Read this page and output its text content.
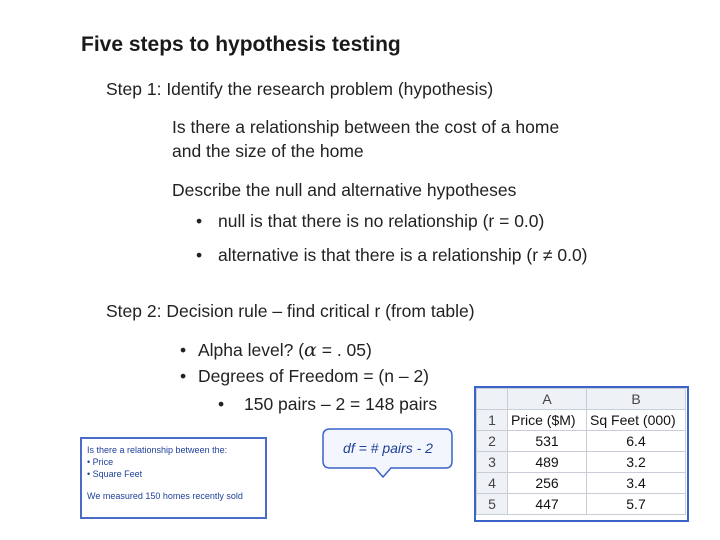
Five steps to hypothesis testing
Step 1: Identify the research problem (hypothesis)
Is there a relationship between the cost of a home
and the size of the home
Describe the null and alternative hypotheses
• null is that there is no relationship (r = 0.0)
• alternative is that there is a relationship (r ≠ 0.0)
Step 2: Decision rule – find critical r (from table)
• Alpha level? (α = . 05)
• Degrees of Freedom = (n – 2)
• 150 pairs – 2 = 148 pairs
Is there a relationship between the:
• Price
• Square Feet
We measured 150 homes recently sold
df = # pairs - 2
	A	B
1	Price ($M)	Sq Feet (000)
2	531	6.4
3	489	3.2
4	256	3.4
5	447	5.7
